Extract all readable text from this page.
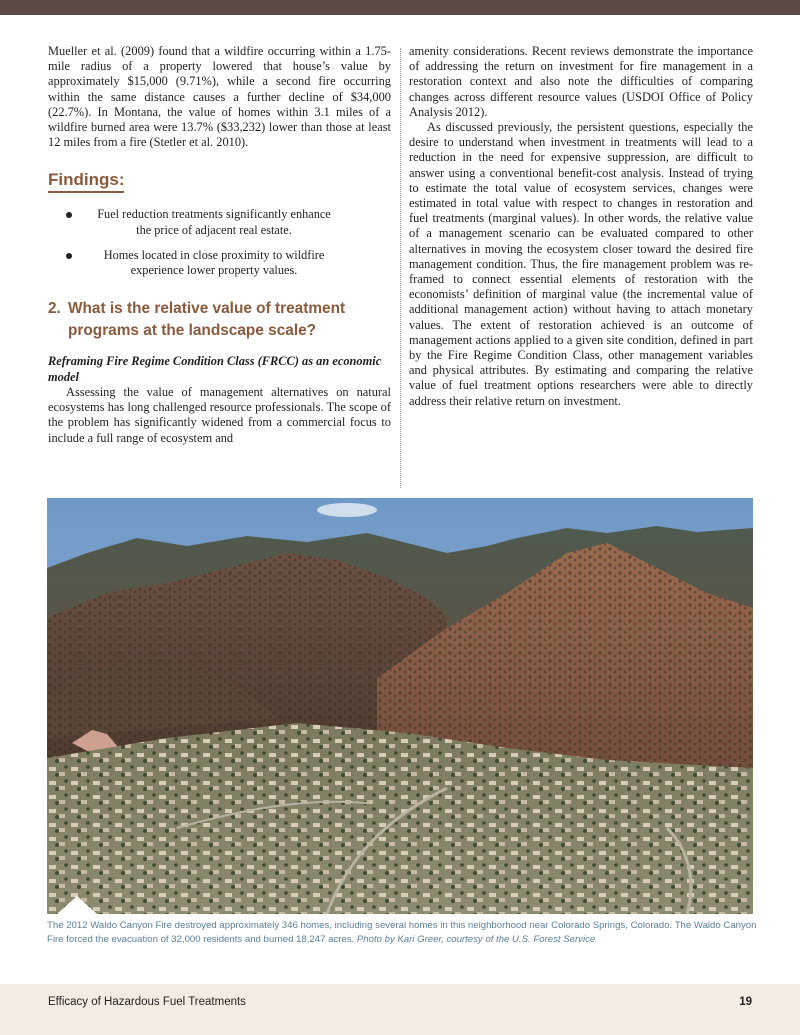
Mueller et al. (2009) found that a wildfire occurring within a 1.75-mile radius of a property lowered that house’s value by approximately $15,000 (9.71%), while a second fire occurring within the same distance causes a further decline of $34,000 (22.7%). In Montana, the value of homes within 3.1 miles of a wildfire burned area were 13.7% ($33,232) lower than those at least 12 miles from a fire (Stetler et al. 2010).

Findings:
Fuel reduction treatments significantly enhance the price of adjacent real estate.
Homes located in close proximity to wildfire experience lower property values.
2. What is the relative value of treatment
programs at the landscape scale?

Reframing Fire Regime Condition Class (FRCC) as an economic model

Assessing the value of management alternatives on natural ecosystems has long challenged resource professionals. The scope of the problem has significantly widened from a commercial focus to include a full range of ecosystem and

amenity considerations. Recent reviews demonstrate the importance of addressing the return on investment for fire management in a restoration context and also note the difficulties of comparing changes across different resource values (USDOI Office of Policy Analysis 2012).

As discussed previously, the persistent questions, especially the desire to understand when investment in treatments will lead to a reduction in the need for expensive suppression, are difficult to answer using a conventional benefit-cost analysis. Instead of trying to estimate the total value of ecosystem services, changes were estimated in total value with respect to changes in restoration and fuel treatments (marginal values). In other words, the relative value of a management scenario can be evaluated compared to other alternatives in moving the ecosystem closer toward the desired fire management condition. Thus, the fire management problem was re-framed to connect essential elements of restoration with the economists’ definition of marginal value (the incremental value of additional management action) without having to attach monetary values. The extent of restoration achieved is an outcome of management actions applied to a given site condition, defined in part by the Fire Regime Condition Class, other management variables and physical attributes. By estimating and comparing the relative value of fuel treatment options researchers were able to directly address their relative return on investment.

The 2012 Waldo Canyon Fire destroyed approximately 346 homes, including several homes in this neighborhood near Colorado Springs, Colorado. The Waldo Canyon Fire forced the evacuation of 32,000 residents and burned 18,247 acres. Photo by Kari Greer, courtesy of the U.S. Forest Service
Efficacy of Hazardous Fuel Treatments	19
